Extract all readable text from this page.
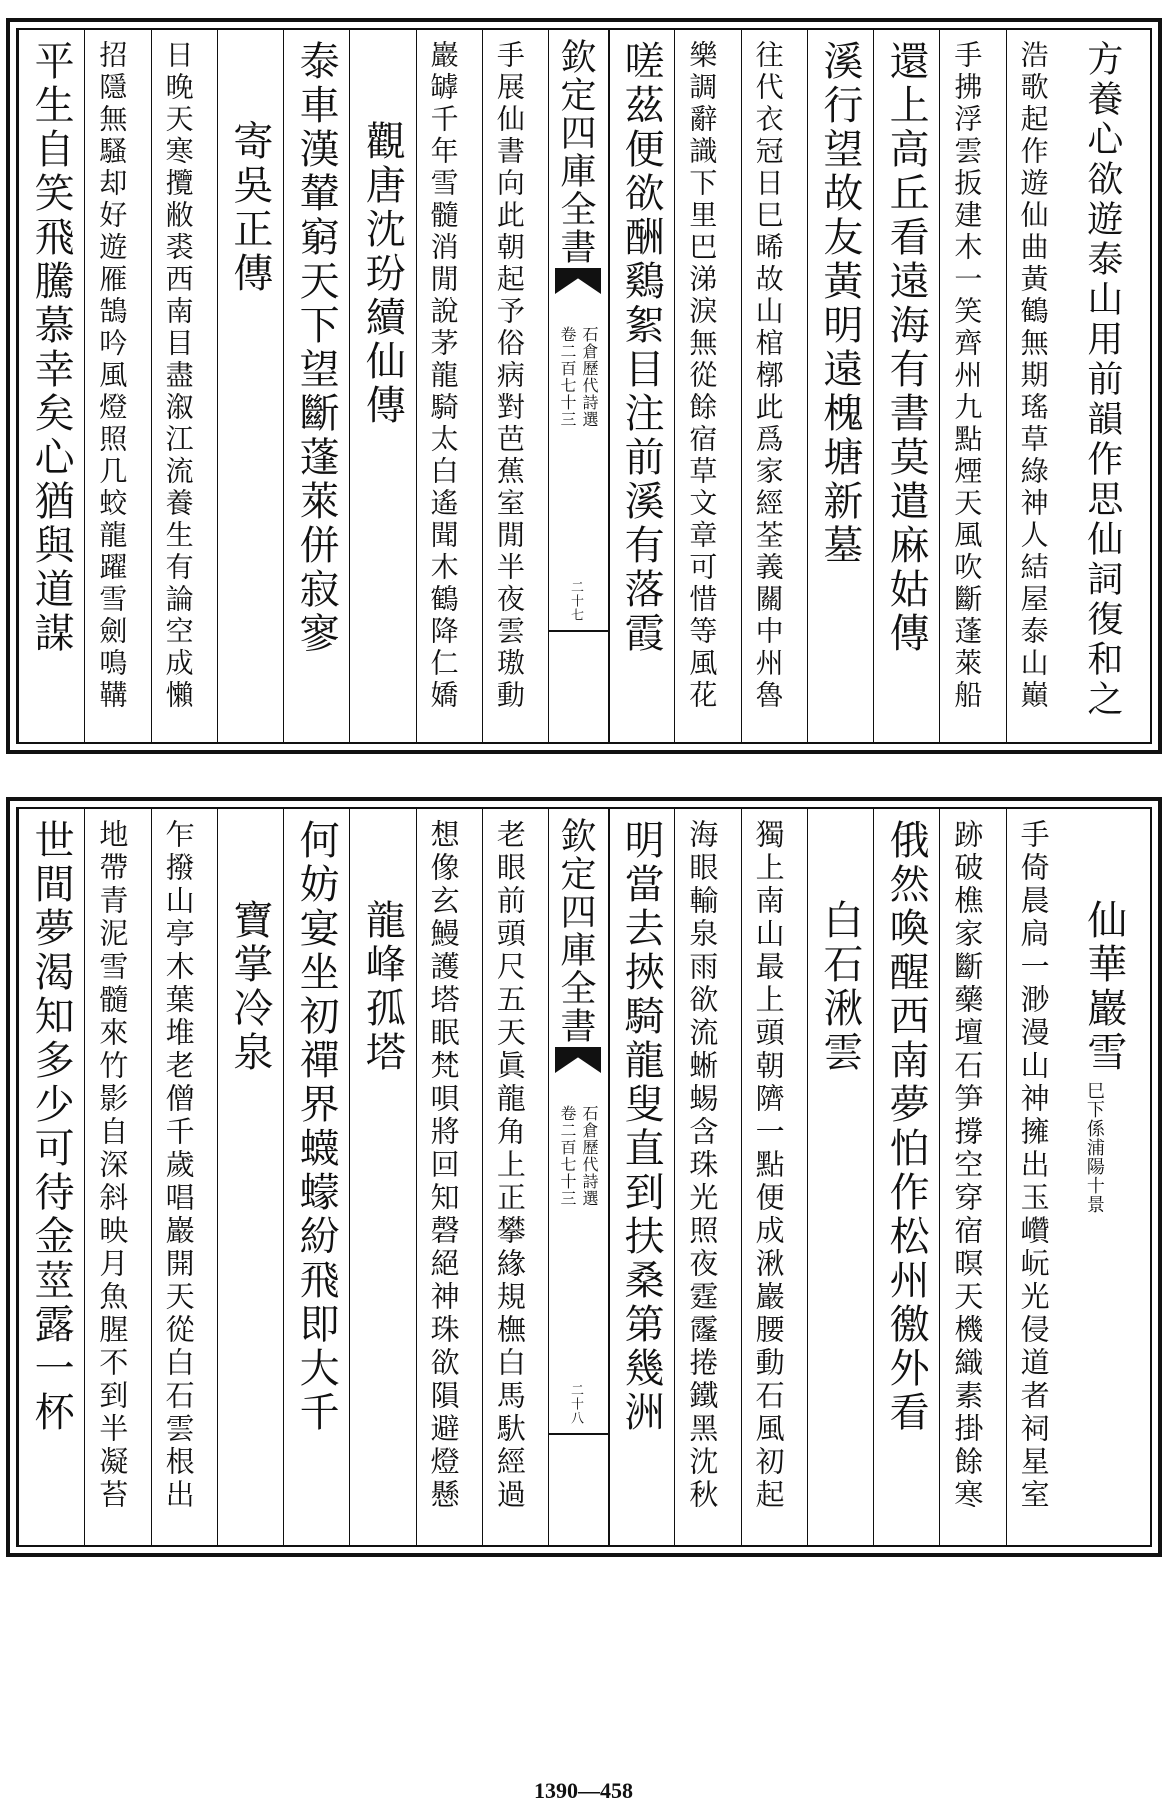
方養心欲遊泰山用前韻作思仙詞復和之
浩歌起作遊仙曲黃鶴無期瑤草綠神人結屋泰山巔
手拂浮雲扳建木一笑齊州九點煙天風吹斷蓬萊船
還上高丘看遠海有書莫遣麻姑傳
溪行望故友黃明遠槐塘新墓
往代衣冠日巳晞故山棺槨此爲家經荃義關中州魯
樂調辭識下里巴涕淚無從餘宿草文章可惜等風花
嗟茲便欲酬鷄絮目注前溪有落霞
欽定四庫全書
石倉歷代詩選
卷二百七十三
二十七
手展仙書向此朝起予俗病對芭蕉室閒半夜雲璈動
巖罅千年雪髓消閒說茅龍騎太白遙聞木鶴降仁嬌
觀唐沈玢續仙傳
泰車漢輦窮天下望斷蓬萊併寂寥
寄吳正傳
日晚天寒攬敝裘西南目盡溆江流養生有論空成懶
招隱無騷却好遊雁鵠吟風燈照几蛟龍躍雪劍鳴鞲
平生自笑飛騰慕幸矣心猶與道謀
仙華巖雪
巳下係浦陽十景
手倚晨扃一渺漫山神擁出玉巑岏光侵道者祠星室
跡破樵家斷藥壇石笋撐空穿宿暝天機織素掛餘寒
俄然喚醒西南夢怕作松州徼外看
白石湫雲
獨上南山最上頭朝隮一點便成湫巖腰動石風初起
海眼輸泉雨欲流蜥蜴含珠光照夜霆霳捲鐵黑沈秋
明當去挾騎龍叟直到扶桑第幾洲
欽定四庫全書
石倉歷代詩選
卷二百七十三
二十八
老眼前頭尺五天眞龍角上正攀緣規橅白馬馱經過
想像玄鰻護塔眠梵唄將回知磬絕神珠欲隕避燈懸
龍峰孤塔
何妨宴坐初禪界蠛蠓紛飛即大千
寶掌冷泉
乍撥山亭木葉堆老僧千歲唱巖開天從白石雲根出
地帶青泥雪髓來竹影自深斜映月魚腥不到半凝苔
世間夢渴知多少可待金莖露一杯
1390—458
